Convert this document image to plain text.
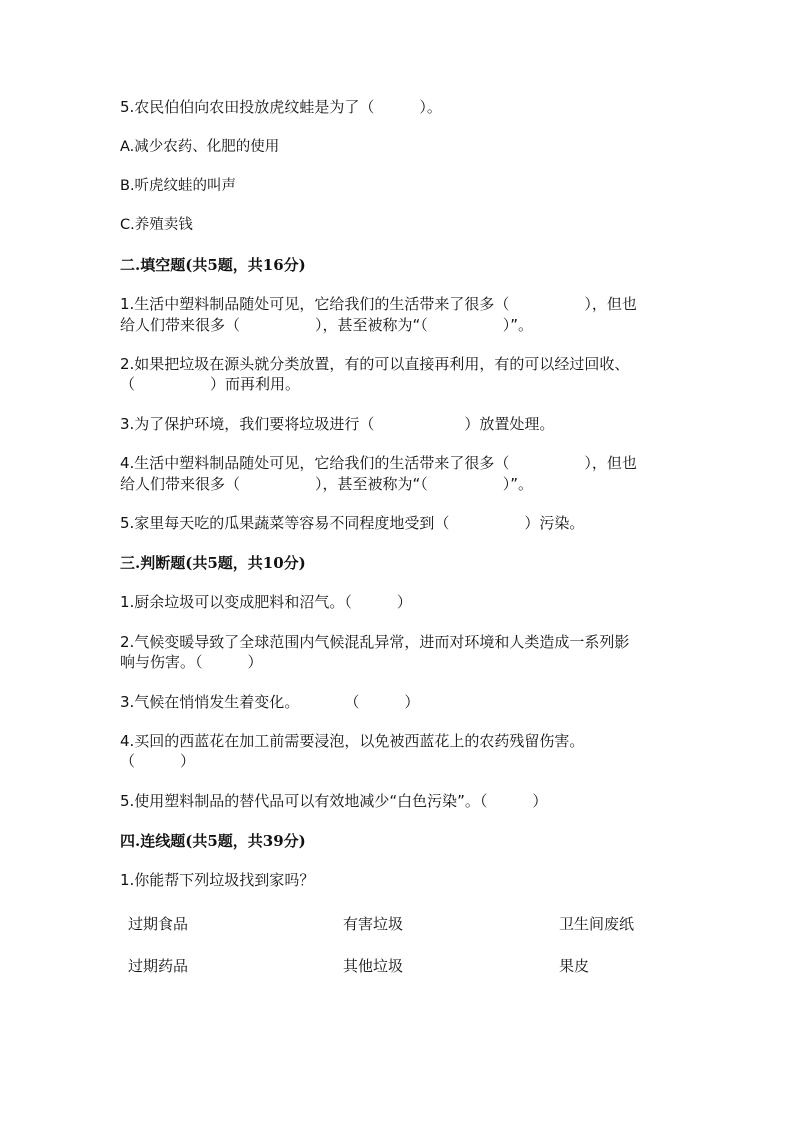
5.农民伯伯向农田投放虎纹蛙是为了（　　　）。
A.减少农药、化肥的使用
B.听虎纹蛙的叫声
C.养殖卖钱
二.填空题(共5题，共16分)
1.生活中塑料制品随处可见，它给我们的生活带来了很多（　　　　　），但也
给人们带来很多（　　　　　），甚至被称为“（　　　　　）”。
2.如果把垃圾在源头就分类放置，有的可以直接再利用，有的可以经过回收、
（　　　　　）而再利用。
3.为了保护环境，我们要将垃圾进行（　　　　　　）放置处理。
4.生活中塑料制品随处可见，它给我们的生活带来了很多（　　　　　），但也
给人们带来很多（　　　　　），甚至被称为“（　　　　　）”。
5.家里每天吃的瓜果蔬菜等容易不同程度地受到（　　　　　）污染。
三.判断题(共5题，共10分)
1.厨余垃圾可以变成肥料和沼气。（　　　）
2.气候变暖导致了全球范围内气候混乱异常，进而对环境和人类造成一系列影
响与伤害。（　　　）
3.气候在悄悄发生着变化。　　　　（　　　）
4.买回的西蓝花在加工前需要浸泡，以免被西蓝花上的农药残留伤害。
（　　　）
5.使用塑料制品的替代品可以有效地减少“白色污染”。（　　　）
四.连线题(共5题，共39分)
1.你能帮下列垃圾找到家吗？
过期食品	有害垃圾	卫生间废纸
过期药品	其他垃圾	果皮
